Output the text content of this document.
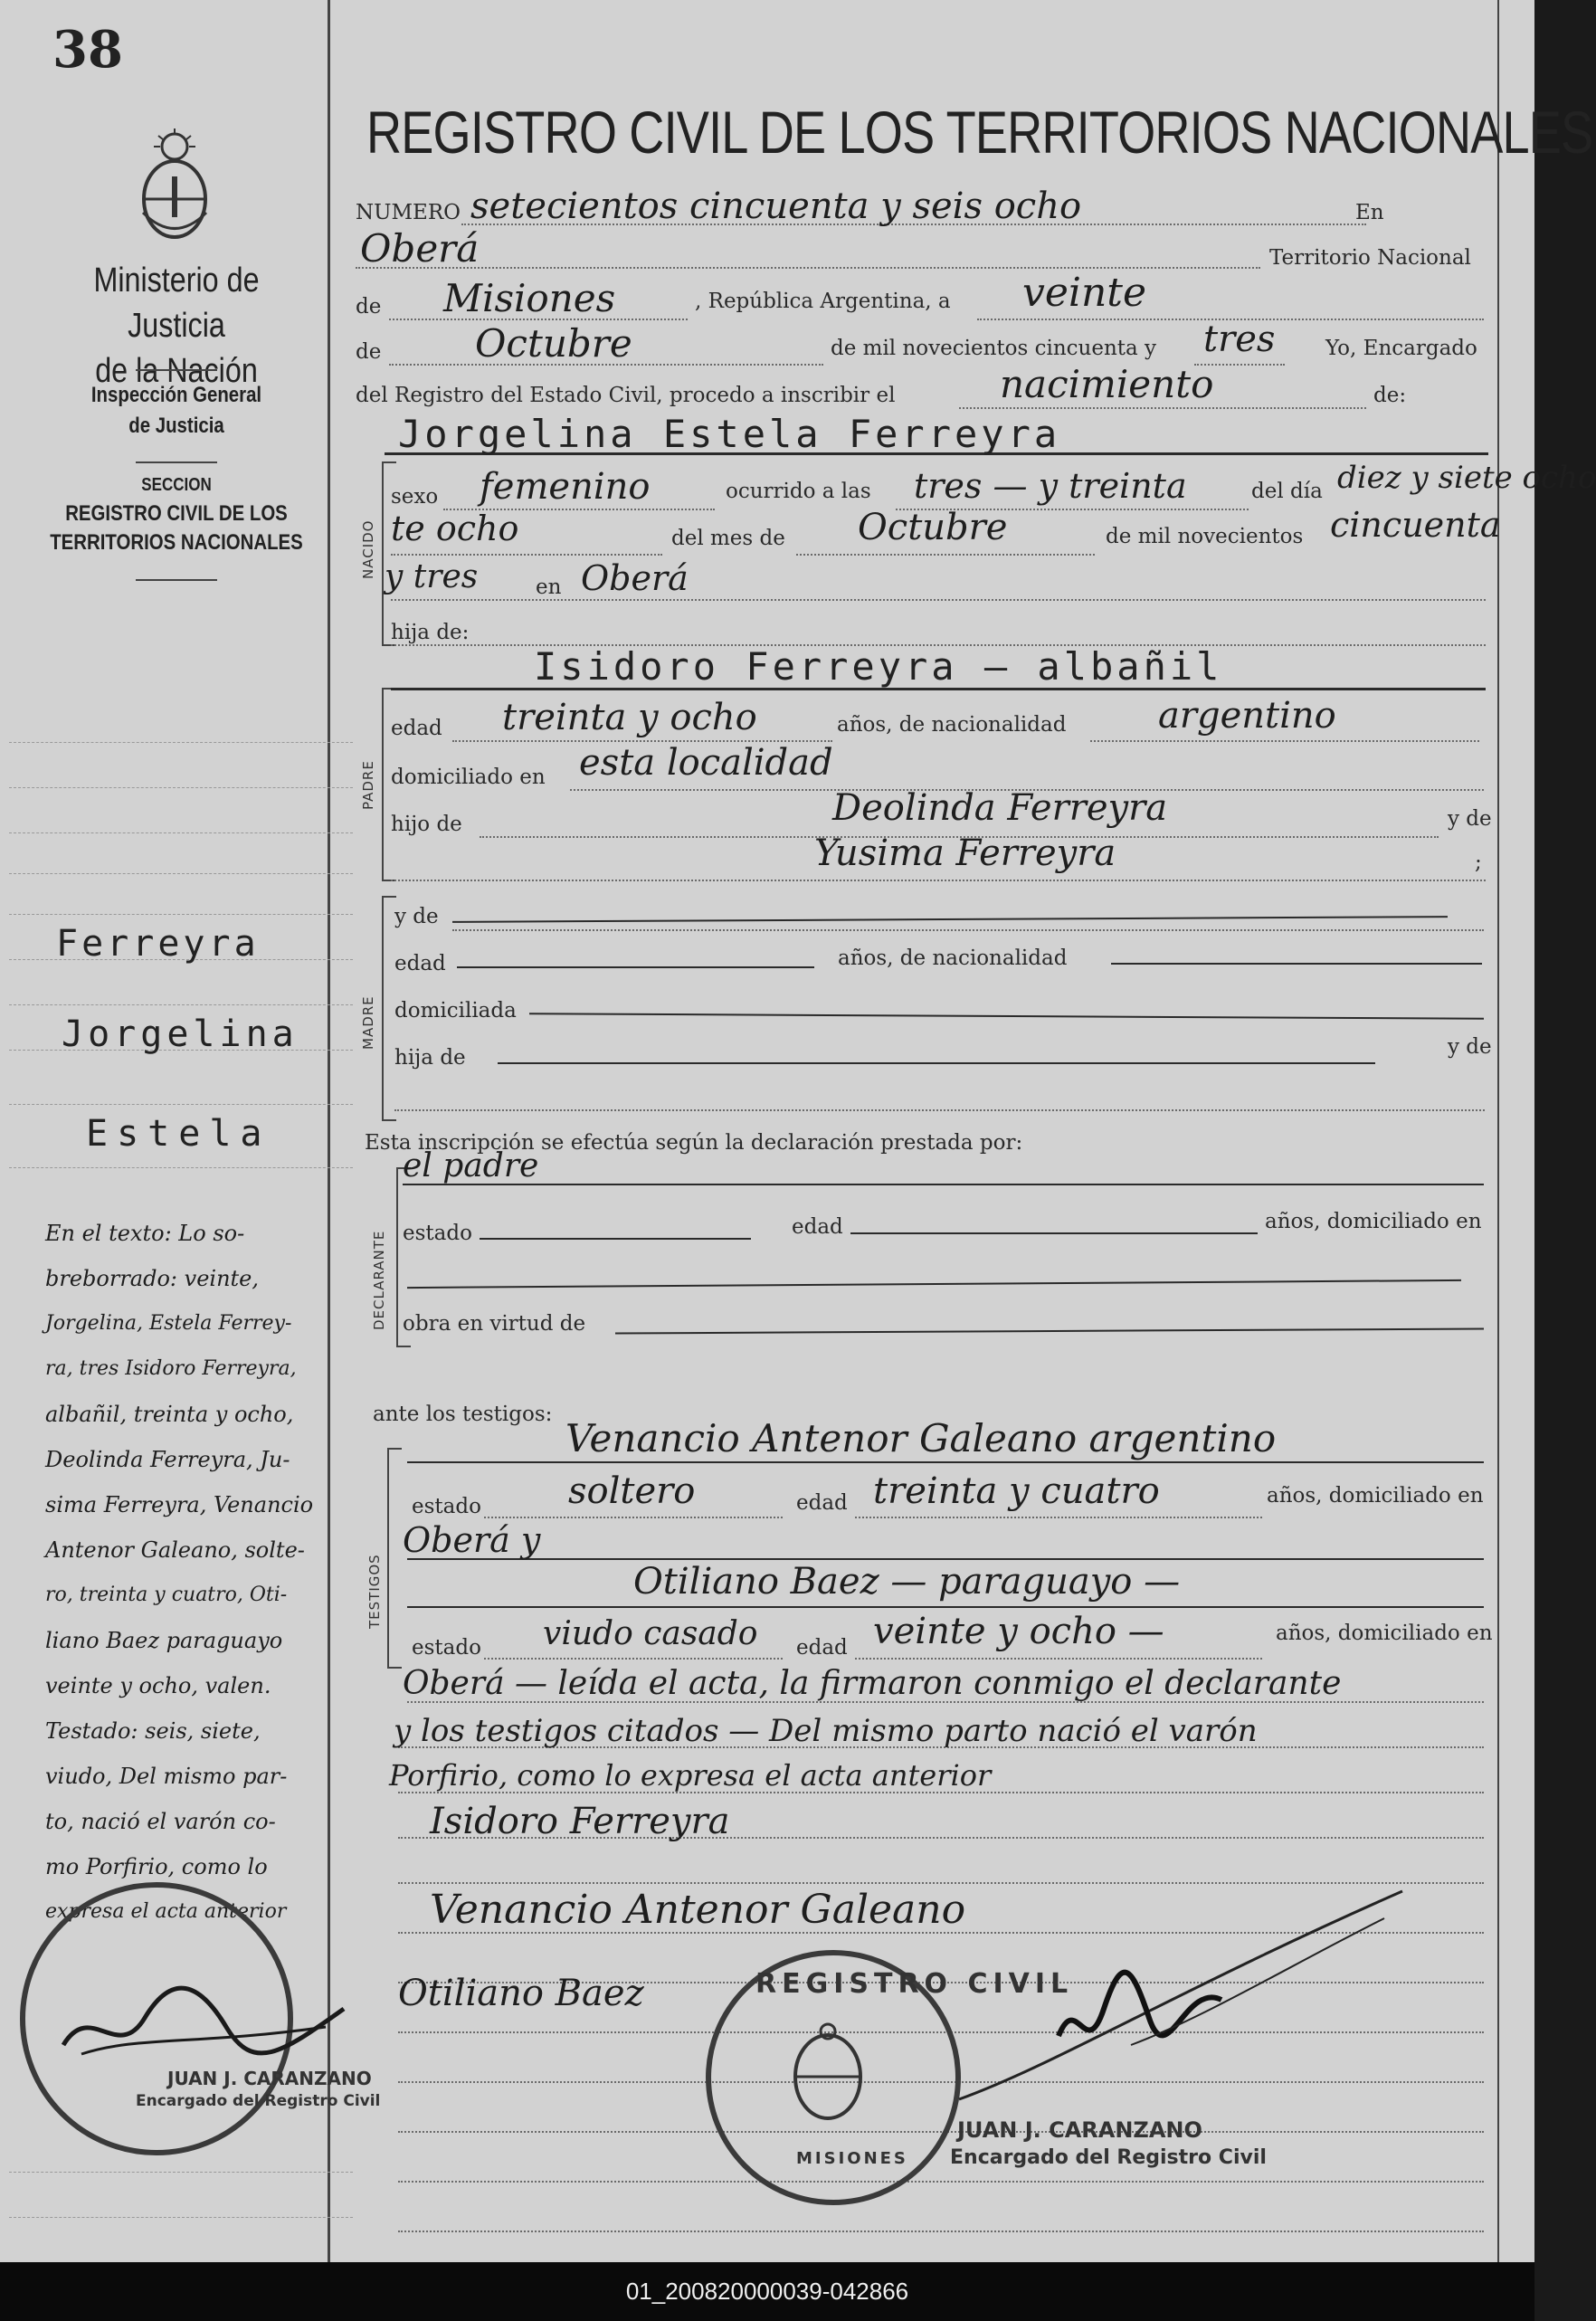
38
Ministerio de Justicia
de la Nación
Inspección General
de Justicia
SECCION
REGISTRO CIVIL DE LOS
TERRITORIOS NACIONALES
Ferreyra
Jorgelina
Estela
En el texto: Lo so-
breborrado: veinte,
Jorgelina, Estela Ferrey-
ra, tres Isidoro Ferreyra,
albañil, treinta y ocho,
Deolinda Ferreyra, Ju-
sima Ferreyra, Venancio
Antenor Galeano, solte-
ro, treinta y cuatro, Oti-
liano Baez paraguayo
veinte y ocho, valen.
Testado: seis, siete,
viudo, Del mismo par-
to, nació el varón co-
mo Porfirio, como lo
expresa el acta anterior
JUAN J. CARANZANO
Encargado del Registro Civil
REGISTRO CIVIL DE LOS TERRITORIOS NACIONALES
NUMERO setecientos cincuenta y seis ocho	En
Oberá	Territorio Nacional
de Misiones	, República Argentina, a veinte
de Octubre	de mil novecientos cincuenta y tres Yo, Encargado
del Registro del Estado Civil, procedo a inscribir el	nacimiento	de:
Jorgelina Estela Ferreyra
NACIDO
sexo femenino	ocurrido a las tres — y treinta	del día diez y siete ocho
te ocho	del mes de Octubre	de mil novecientos cincuenta
y tres	en Oberá
hija de:
PADRE
Isidoro Ferreyra — albañil
edad treinta y ocho	años, de nacionalidad	argentino
domiciliado en esta localidad
hijo de	Deolinda Ferreyra	y de
Yusima Ferreyra	;
MADRE
y de
edad	años, de nacionalidad
domiciliada
hija de	y de
Esta inscripción se efectúa según la declaración prestada por:
DECLARANTE
el padre
estado	edad	años, domiciliado en
obra en virtud de
ante los testigos:
TESTIGOS
Venancio Antenor Galeano argentino
estado soltero	edad treinta y cuatro	años, domiciliado en
Oberá y
Otiliano Baez — paraguayo —
estado viudo casado edad veinte y ocho —	años, domiciliado en
Oberá — leída el acta, la firmaron conmigo el declarante
y los testigos citados — Del mismo parto nació el varón
Porfirio, como lo expresa el acta anterior
Isidoro Ferreyra
Venancio Antenor Galeano
Otiliano Baez	REGISTRO CIVIL
MISIONES
JUAN J. CARANZANO
Encargado del Registro Civil
01_200820000039-042866
